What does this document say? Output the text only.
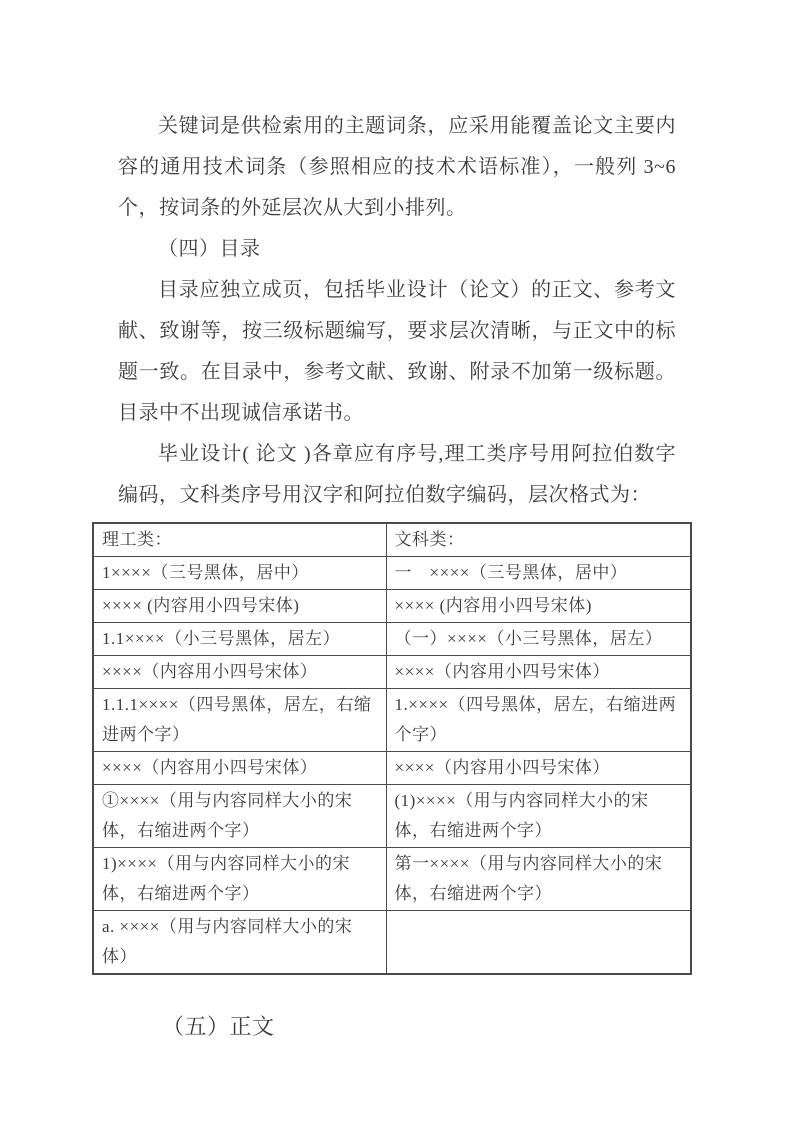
关键词是供检索用的主题词条，应采用能覆盖论文主要内容的通用技术词条（参照相应的技术术语标准），一般列 3~6 个，按词条的外延层次从大到小排列。

（四）目录

目录应独立成页，包括毕业设计（论文）的正文、参考文献、致谢等，按三级标题编写，要求层次清晰，与正文中的标题一致。在目录中，参考文献、致谢、附录不加第一级标题。目录中不出现诚信承诺书。

毕业设计( 论文 )各章应有序号,理工类序号用阿拉伯数字编码，文科类序号用汉字和阿拉伯数字编码，层次格式为：

理工类：	文科类：
1××××（三号黑体，居中）	一　××××（三号黑体，居中）
×××× (内容用小四号宋体)	×××× (内容用小四号宋体)
1.1××××（小三号黑体，居左）	（一）××××（小三号黑体，居左）
××××（内容用小四号宋体）	××××（内容用小四号宋体）
1.1.1××××（四号黑体，居左，右缩进两个字）	1.××××（四号黑体，居左，右缩进两个字）
××××（内容用小四号宋体）	××××（内容用小四号宋体）
①××××（用与内容同样大小的宋体，右缩进两个字）	(1)××××（用与内容同样大小的宋体，右缩进两个字）
1)××××（用与内容同样大小的宋体，右缩进两个字）	第一××××（用与内容同样大小的宋体，右缩进两个字）
a. ××××（用与内容同样大小的宋体）	

（五）正文
